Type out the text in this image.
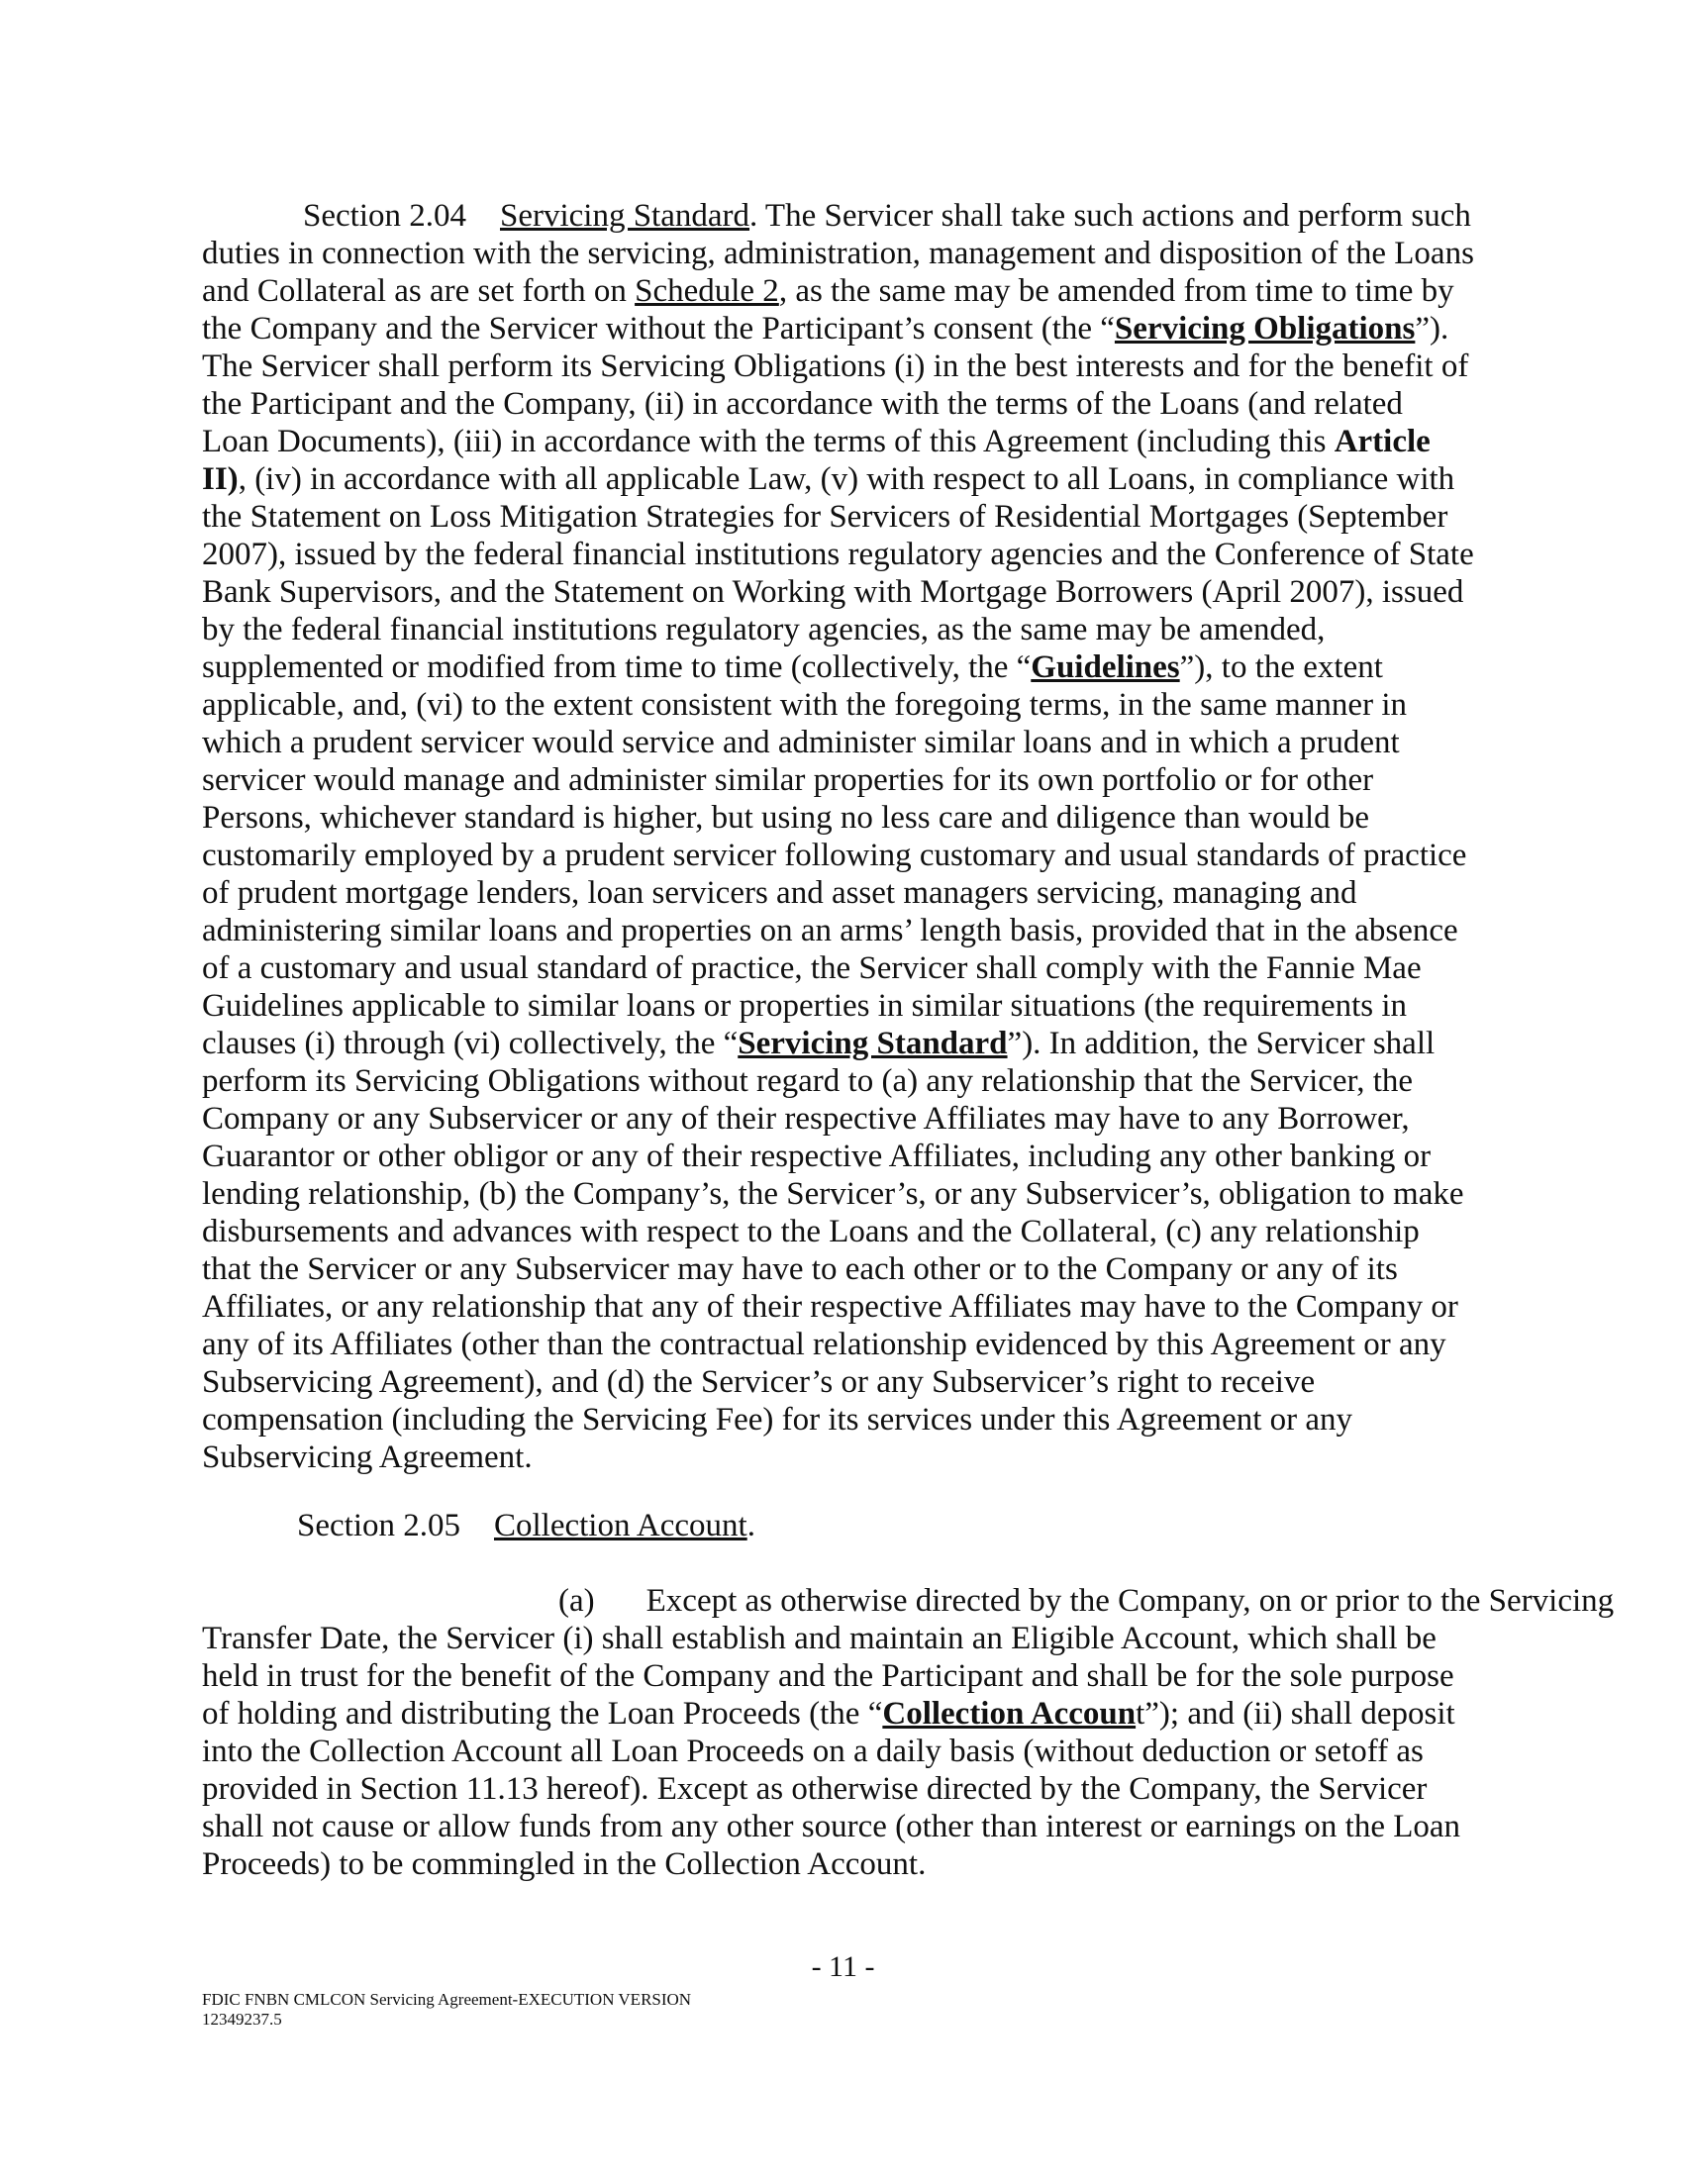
Section 2.04 Servicing Standard. The Servicer shall take such actions and perform such
duties in connection with the servicing, administration, management and disposition of the Loans
and Collateral as are set forth on Schedule 2, as the same may be amended from time to time by
the Company and the Servicer without the Participant’s consent (the “Servicing Obligations”).
The Servicer shall perform its Servicing Obligations (i) in the best interests and for the benefit of
the Participant and the Company, (ii) in accordance with the terms of the Loans (and related
Loan Documents), (iii) in accordance with the terms of this Agreement (including this Article
II), (iv) in accordance with all applicable Law, (v) with respect to all Loans, in compliance with
the Statement on Loss Mitigation Strategies for Servicers of Residential Mortgages (September
2007), issued by the federal financial institutions regulatory agencies and the Conference of State
Bank Supervisors, and the Statement on Working with Mortgage Borrowers (April 2007), issued
by the federal financial institutions regulatory agencies, as the same may be amended,
supplemented or modified from time to time (collectively, the “Guidelines”), to the extent
applicable, and, (vi) to the extent consistent with the foregoing terms, in the same manner in
which a prudent servicer would service and administer similar loans and in which a prudent
servicer would manage and administer similar properties for its own portfolio or for other
Persons, whichever standard is higher, but using no less care and diligence than would be
customarily employed by a prudent servicer following customary and usual standards of practice
of prudent mortgage lenders, loan servicers and asset managers servicing, managing and
administering similar loans and properties on an arms’ length basis, provided that in the absence
of a customary and usual standard of practice, the Servicer shall comply with the Fannie Mae
Guidelines applicable to similar loans or properties in similar situations (the requirements in
clauses (i) through (vi) collectively, the “Servicing Standard”). In addition, the Servicer shall
perform its Servicing Obligations without regard to (a) any relationship that the Servicer, the
Company or any Subservicer or any of their respective Affiliates may have to any Borrower,
Guarantor or other obligor or any of their respective Affiliates, including any other banking or
lending relationship, (b) the Company’s, the Servicer’s, or any Subservicer’s, obligation to make
disbursements and advances with respect to the Loans and the Collateral, (c) any relationship
that the Servicer or any Subservicer may have to each other or to the Company or any of its
Affiliates, or any relationship that any of their respective Affiliates may have to the Company or
any of its Affiliates (other than the contractual relationship evidenced by this Agreement or any
Subservicing Agreement), and (d) the Servicer’s or any Subservicer’s right to receive
compensation (including the Servicing Fee) for its services under this Agreement or any
Subservicing Agreement.
Section 2.05 Collection Account.
(a) Except as otherwise directed by the Company, on or prior to the Servicing
Transfer Date, the Servicer (i) shall establish and maintain an Eligible Account, which shall be
held in trust for the benefit of the Company and the Participant and shall be for the sole purpose
of holding and distributing the Loan Proceeds (the “Collection Account”); and (ii) shall deposit
into the Collection Account all Loan Proceeds on a daily basis (without deduction or setoff as
provided in Section 11.13 hereof). Except as otherwise directed by the Company, the Servicer
shall not cause or allow funds from any other source (other than interest or earnings on the Loan
Proceeds) to be commingled in the Collection Account.
- 11 -
FDIC FNBN CMLCON Servicing Agreement-EXECUTION VERSION
12349237.5
